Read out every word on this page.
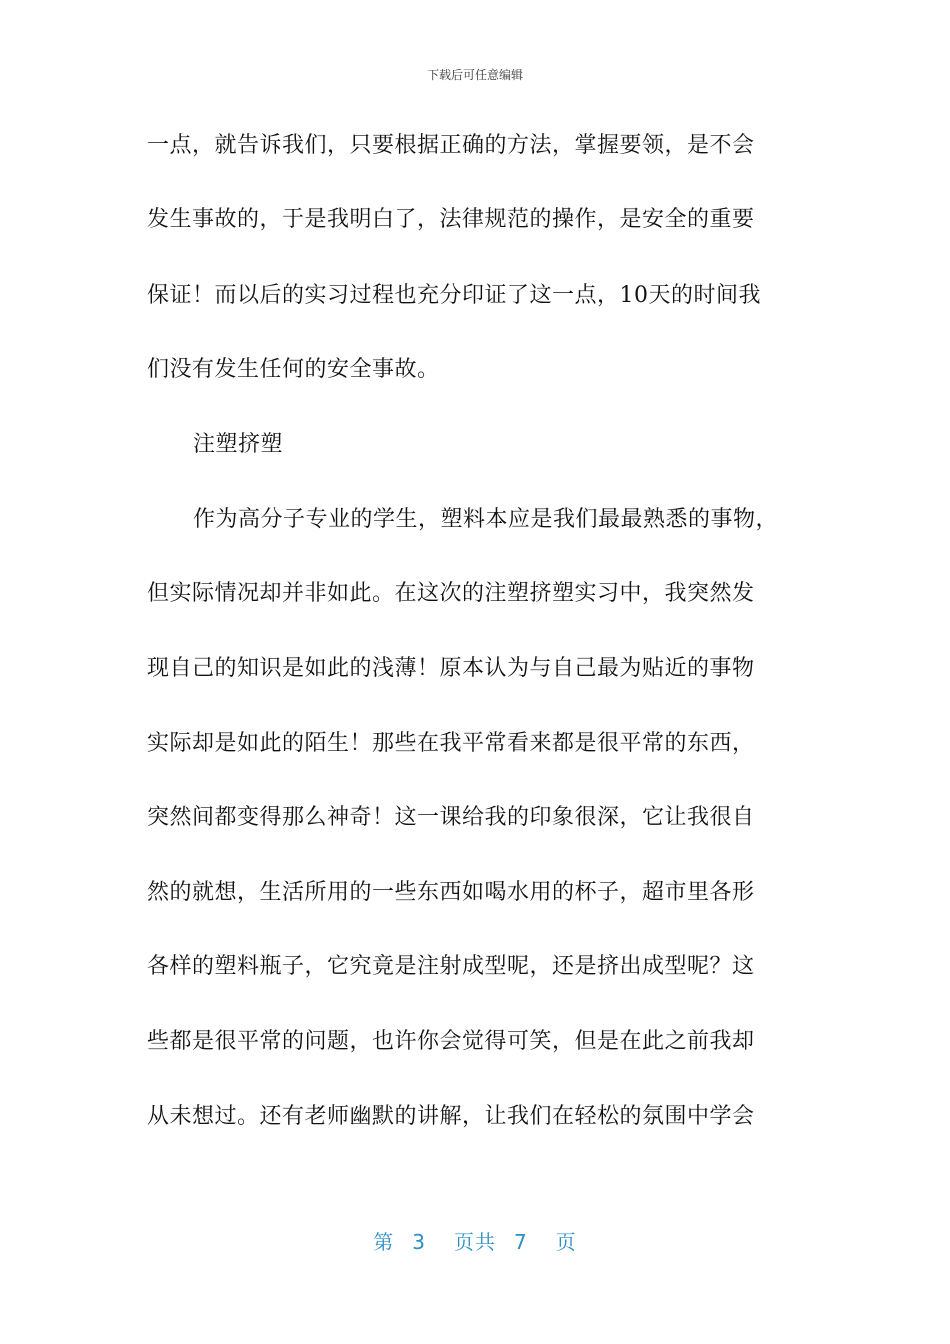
下载后可任意编辑
一点，就告诉我们，只要根据正确的方法，掌握要领，是不会
发生事故的，于是我明白了，法律规范的操作，是安全的重要
保证！而以后的实习过程也充分印证了这一点，10天的时间我
们没有发生任何的安全事故。
注塑挤塑
作为高分子专业的学生，塑料本应是我们最最熟悉的事物，
但实际情况却并非如此。在这次的注塑挤塑实习中，我突然发
现自己的知识是如此的浅薄！原本认为与自己最为贴近的事物
实际却是如此的陌生！那些在我平常看来都是很平常的东西，
突然间都变得那么神奇！这一课给我的印象很深，它让我很自
然的就想，生活所用的一些东西如喝水用的杯子，超市里各形
各样的塑料瓶子，它究竟是注射成型呢，还是挤出成型呢？这
些都是很平常的问题，也许你会觉得可笑，但是在此之前我却
从未想过。还有老师幽默的讲解，让我们在轻松的氛围中学会
第 3 页共 7 页
